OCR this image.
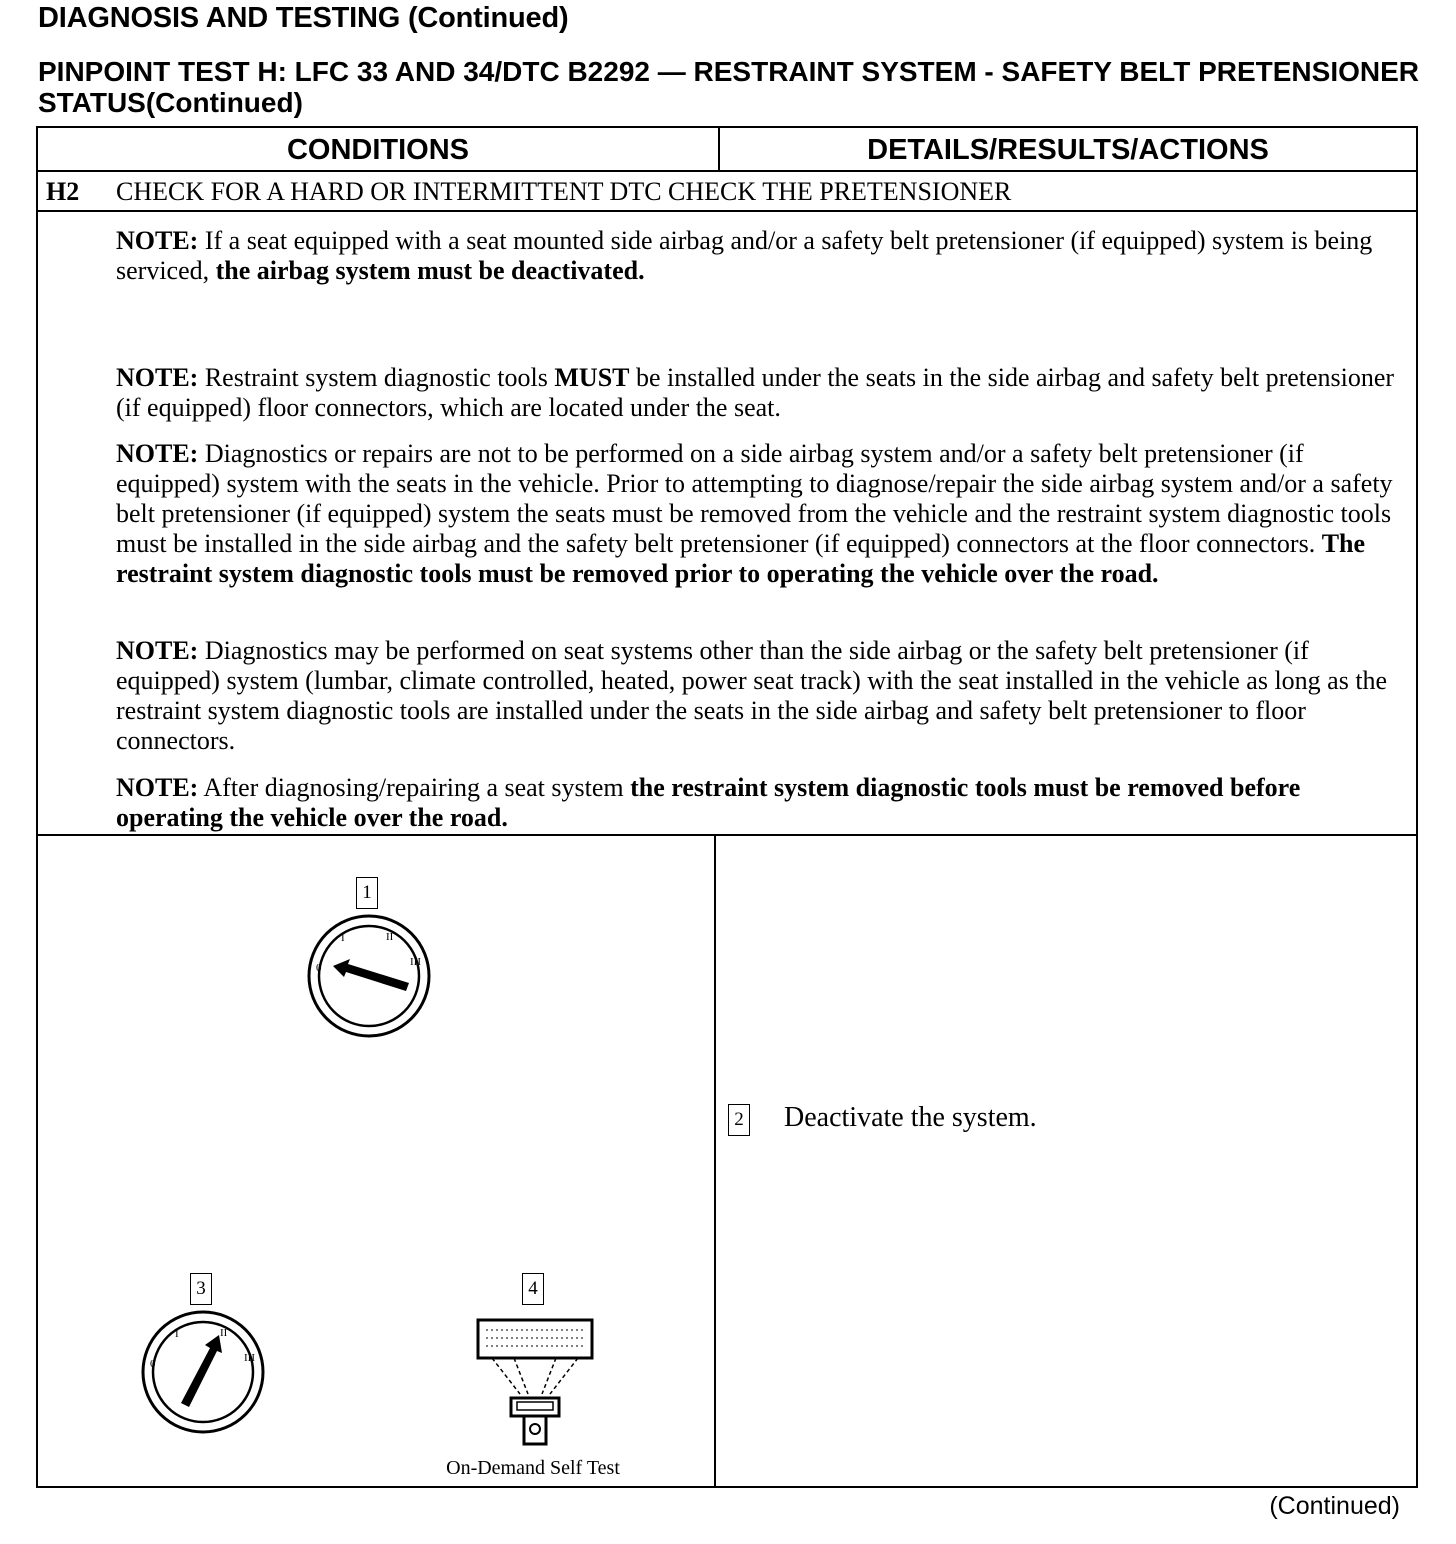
DIAGNOSIS AND TESTING (Continued)
PINPOINT TEST H: LFC 33 AND 34/DTC B2292 — RESTRAINT SYSTEM - SAFETY BELT PRETENSIONER STATUS(Continued)
CONDITIONS	DETAILS/RESULTS/ACTIONS
H2 CHECK FOR A HARD OR INTERMITTENT DTC CHECK THE PRETENSIONER
NOTE: If a seat equipped with a seat mounted side airbag and/or a safety belt pretensioner (if equipped) system is being serviced, the airbag system must be deactivated.
NOTE: Restraint system diagnostic tools MUST be installed under the seats in the side airbag and safety belt pretensioner (if equipped) floor connectors, which are located under the seat.
NOTE: Diagnostics or repairs are not to be performed on a side airbag system and/or a safety belt pretensioner (if equipped) system with the seats in the vehicle. Prior to attempting to diagnose/repair the side airbag system and/or a safety belt pretensioner (if equipped) system the seats must be removed from the vehicle and the restraint system diagnostic tools must be installed in the side airbag and the safety belt pretensioner (if equipped) connectors at the floor connectors. The restraint system diagnostic tools must be removed prior to operating the vehicle over the road.
NOTE: Diagnostics may be performed on seat systems other than the side airbag or the safety belt pretensioner (if equipped) system (lumbar, climate controlled, heated, power seat track) with the seat installed in the vehicle as long as the restraint system diagnostic tools are installed under the seats in the side airbag and safety belt pretensioner to floor connectors.
NOTE: After diagnosing/repairing a seat system the restraint system diagnostic tools must be removed before operating the vehicle over the road.
1
0
I	II
III
3
0
I	II
III
4
On-Demand Self Test
2 Deactivate the system.
(Continued)
